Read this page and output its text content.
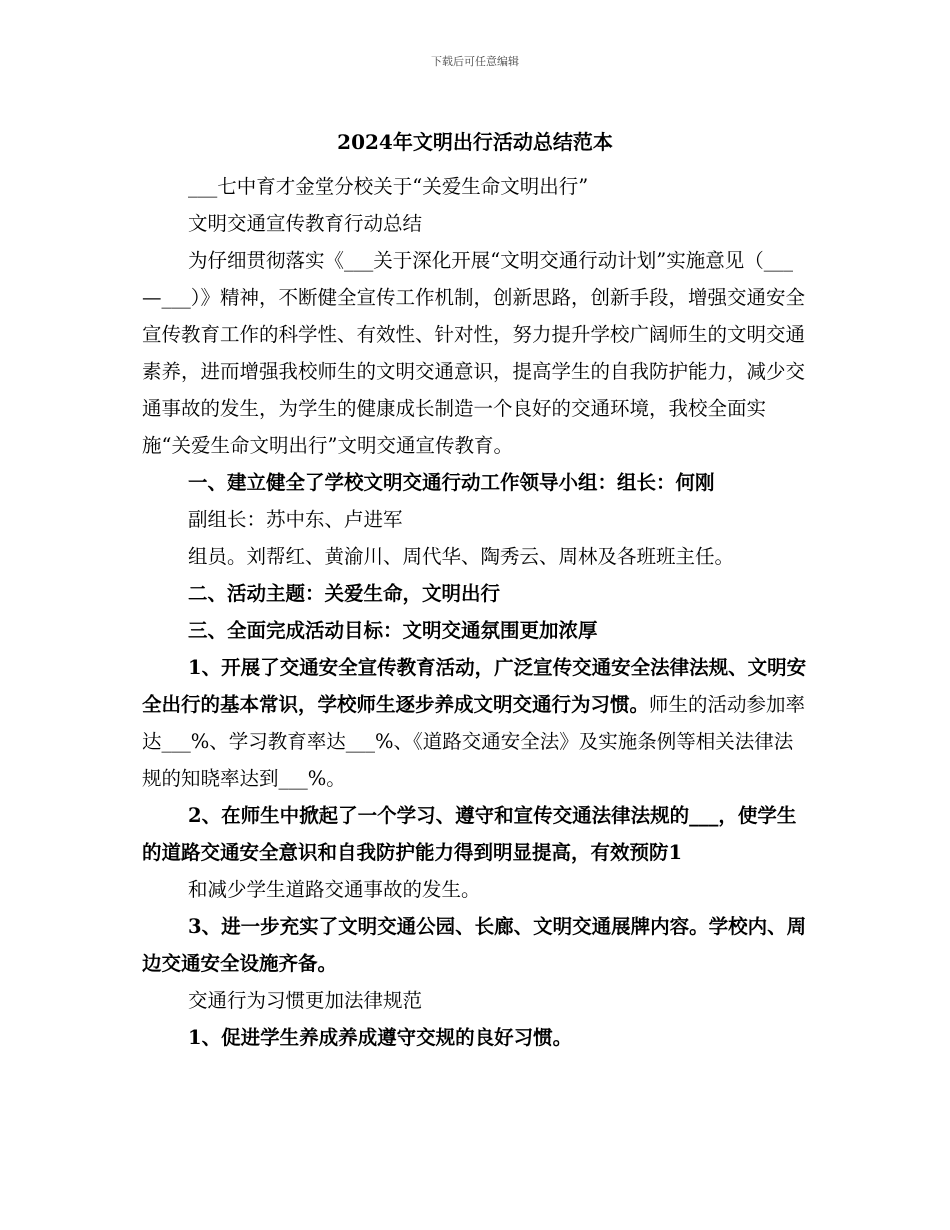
下载后可任意编辑
2024年文明出行活动总结范本

___七中育才金堂分校关于“关爱生命文明出行”

文明交通宣传教育行动总结

为仔细贯彻落实《___关于深化开展“文明交通行动计划”实施意见（___—___）》精神，不断健全宣传工作机制，创新思路，创新手段，增强交通安全宣传教育工作的科学性、有效性、针对性，努力提升学校广阔师生的文明交通素养，进而增强我校师生的文明交通意识，提高学生的自我防护能力，减少交通事故的发生，为学生的健康成长制造一个良好的交通环境，我校全面实施“关爱生命文明出行”文明交通宣传教育。

一、建立健全了学校文明交通行动工作领导小组：组长：何刚

副组长：苏中东、卢进军

组员。刘帮红、黄渝川、周代华、陶秀云、周林及各班班主任。

二、活动主题：关爱生命，文明出行

三、全面完成活动目标：文明交通氛围更加浓厚

1、开展了交通安全宣传教育活动，广泛宣传交通安全法律法规、文明安全出行的基本常识，学校师生逐步养成文明交通行为习惯。师生的活动参加率达___%、学习教育率达___%、《道路交通安全法》及实施条例等相关法律法规的知晓率达到___%。

2、在师生中掀起了一个学习、遵守和宣传交通法律法规的___，使学生的道路交通安全意识和自我防护能力得到明显提高，有效预防1

和减少学生道路交通事故的发生。

3、进一步充实了文明交通公园、长廊、文明交通展牌内容。学校内、周边交通安全设施齐备。

交通行为习惯更加法律规范

1、促进学生养成养成遵守交规的良好习惯。
